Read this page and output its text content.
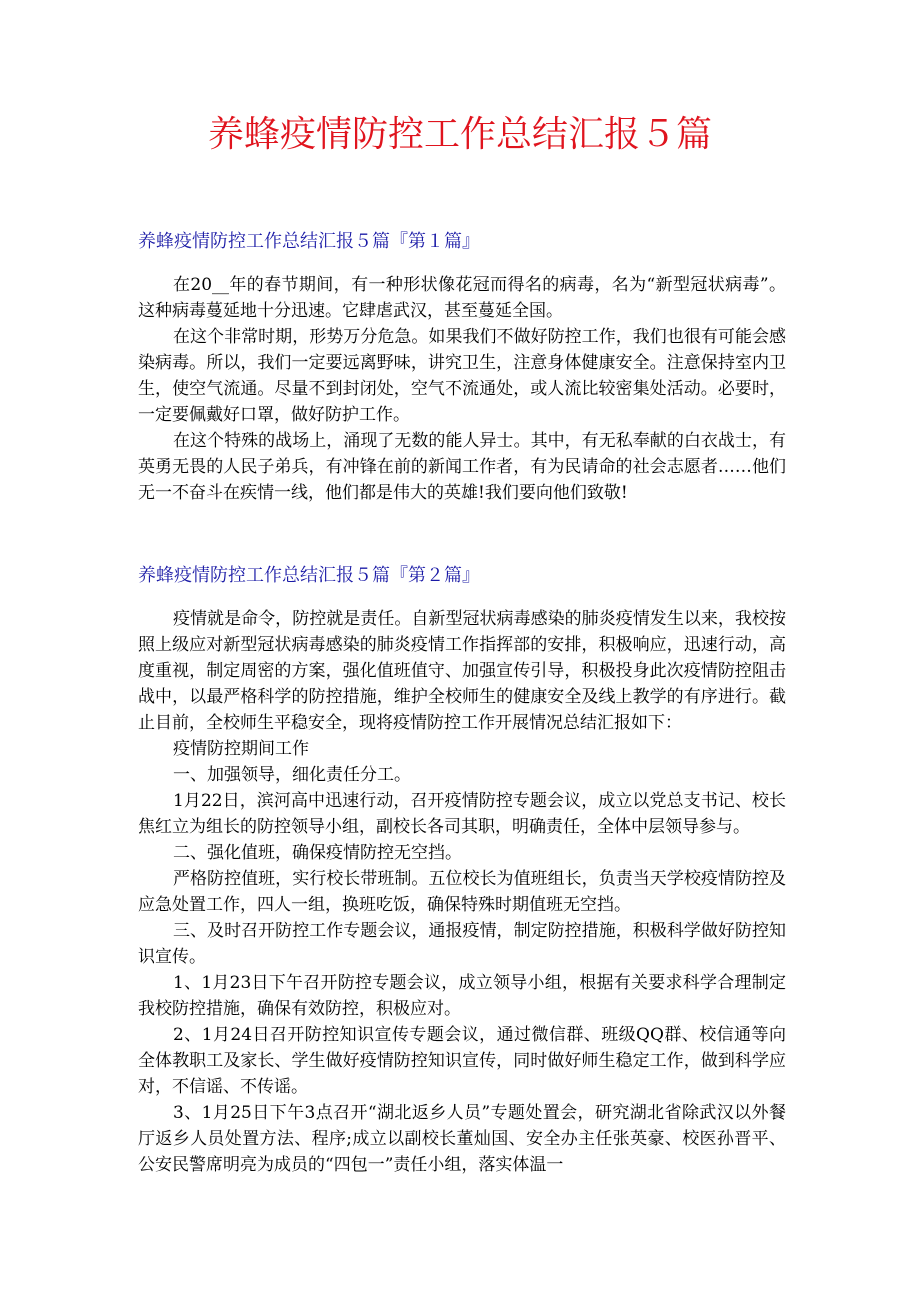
养蜂疫情防控工作总结汇报５篇
养蜂疫情防控工作总结汇报５篇『第１篇』

在20__年的春节期间，有一种形状像花冠而得名的病毒，名为“新型冠状病毒”。这种病毒蔓延地十分迅速。它肆虐武汉，甚至蔓延全国。

在这个非常时期，形势万分危急。如果我们不做好防控工作，我们也很有可能会感染病毒。所以，我们一定要远离野味，讲究卫生，注意身体健康安全。注意保持室内卫生，使空气流通。尽量不到封闭处，空气不流通处，或人流比较密集处活动。必要时，一定要佩戴好口罩，做好防护工作。

在这个特殊的战场上，涌现了无数的能人异士。其中，有无私奉献的白衣战士，有英勇无畏的人民子弟兵，有冲锋在前的新闻工作者，有为民请命的社会志愿者……他们无一不奋斗在疾情一线，他们都是伟大的英雄!我们要向他们致敬!

养蜂疫情防控工作总结汇报５篇『第２篇』

疫情就是命令，防控就是责任。自新型冠状病毒感染的肺炎疫情发生以来，我校按照上级应对新型冠状病毒感染的肺炎疫情工作指挥部的安排，积极响应，迅速行动，高度重视，制定周密的方案，强化值班值守、加强宣传引导，积极投身此次疫情防控阻击战中，以最严格科学的防控措施，维护全校师生的健康安全及线上教学的有序进行。截止目前，全校师生平稳安全，现将疫情防控工作开展情况总结汇报如下：

疫情防控期间工作

一、加强领导，细化责任分工。

1月22日，滨河高中迅速行动，召开疫情防控专题会议，成立以党总支书记、校长焦红立为组长的防控领导小组，副校长各司其职，明确责任，全体中层领导参与。

二、强化值班，确保疫情防控无空挡。

严格防控值班，实行校长带班制。五位校长为值班组长，负责当天学校疫情防控及应急处置工作，四人一组，换班吃饭，确保特殊时期值班无空挡。

三、及时召开防控工作专题会议，通报疫情，制定防控措施，积极科学做好防控知识宣传。

1、1月23日下午召开防控专题会议，成立领导小组，根据有关要求科学合理制定我校防控措施，确保有效防控，积极应对。

2、1月24日召开防控知识宣传专题会议，通过微信群、班级QQ群、校信通等向全体教职工及家长、学生做好疫情防控知识宣传，同时做好师生稳定工作，做到科学应对，不信谣、不传谣。

3、1月25日下午3点召开“湖北返乡人员”专题处置会，研究湖北省除武汉以外餐厅返乡人员处置方法、程序;成立以副校长董灿国、安全办主任张英豪、校医孙晋平、公安民警席明亮为成员的“四包一”责任小组，落实体温一
